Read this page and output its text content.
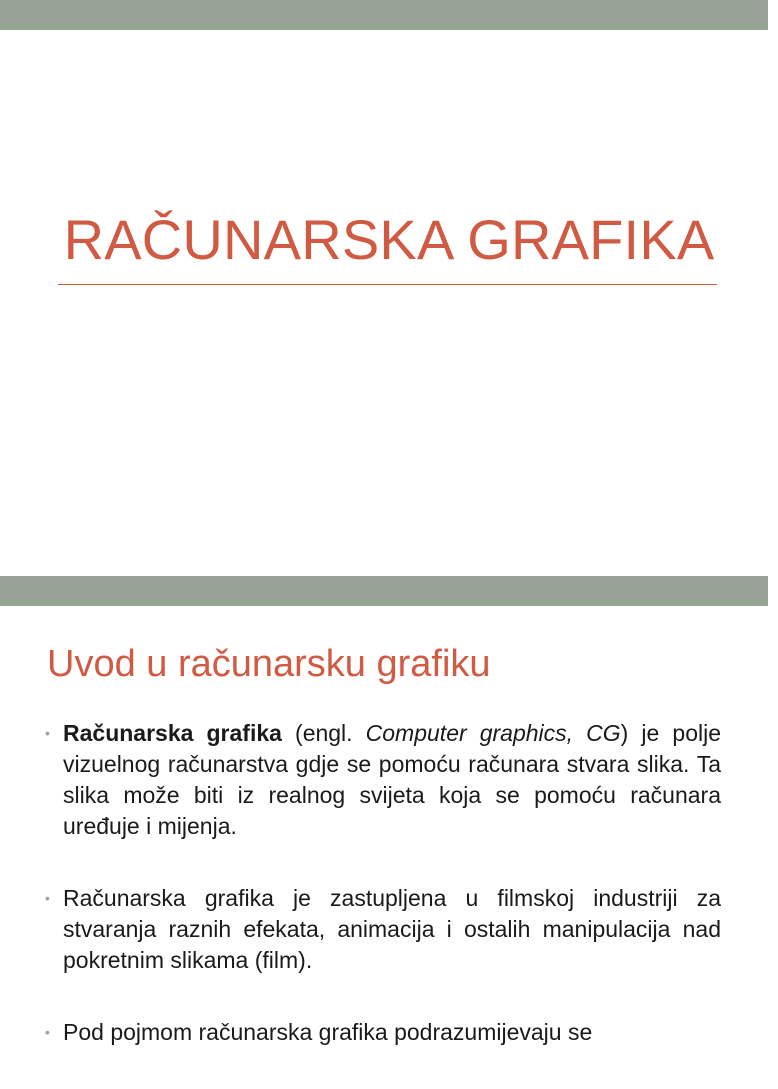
RAČUNARSKA GRAFIKA
Uvod u računarsku grafiku
• Računarska grafika (engl. Computer graphics, CG) je polje vizuelnog računarstva gdje se pomoću računara stvara slika. Ta slika može biti iz realnog svijeta koja se pomoću računara uređuje i mijenja.
• Računarska grafika je zastupljena u filmskoj industriji za stvaranja raznih efekata, animacija i ostalih manipulacija nad pokretnim slikama (film).
• Pod pojmom računarska grafika podrazumijevaju se
